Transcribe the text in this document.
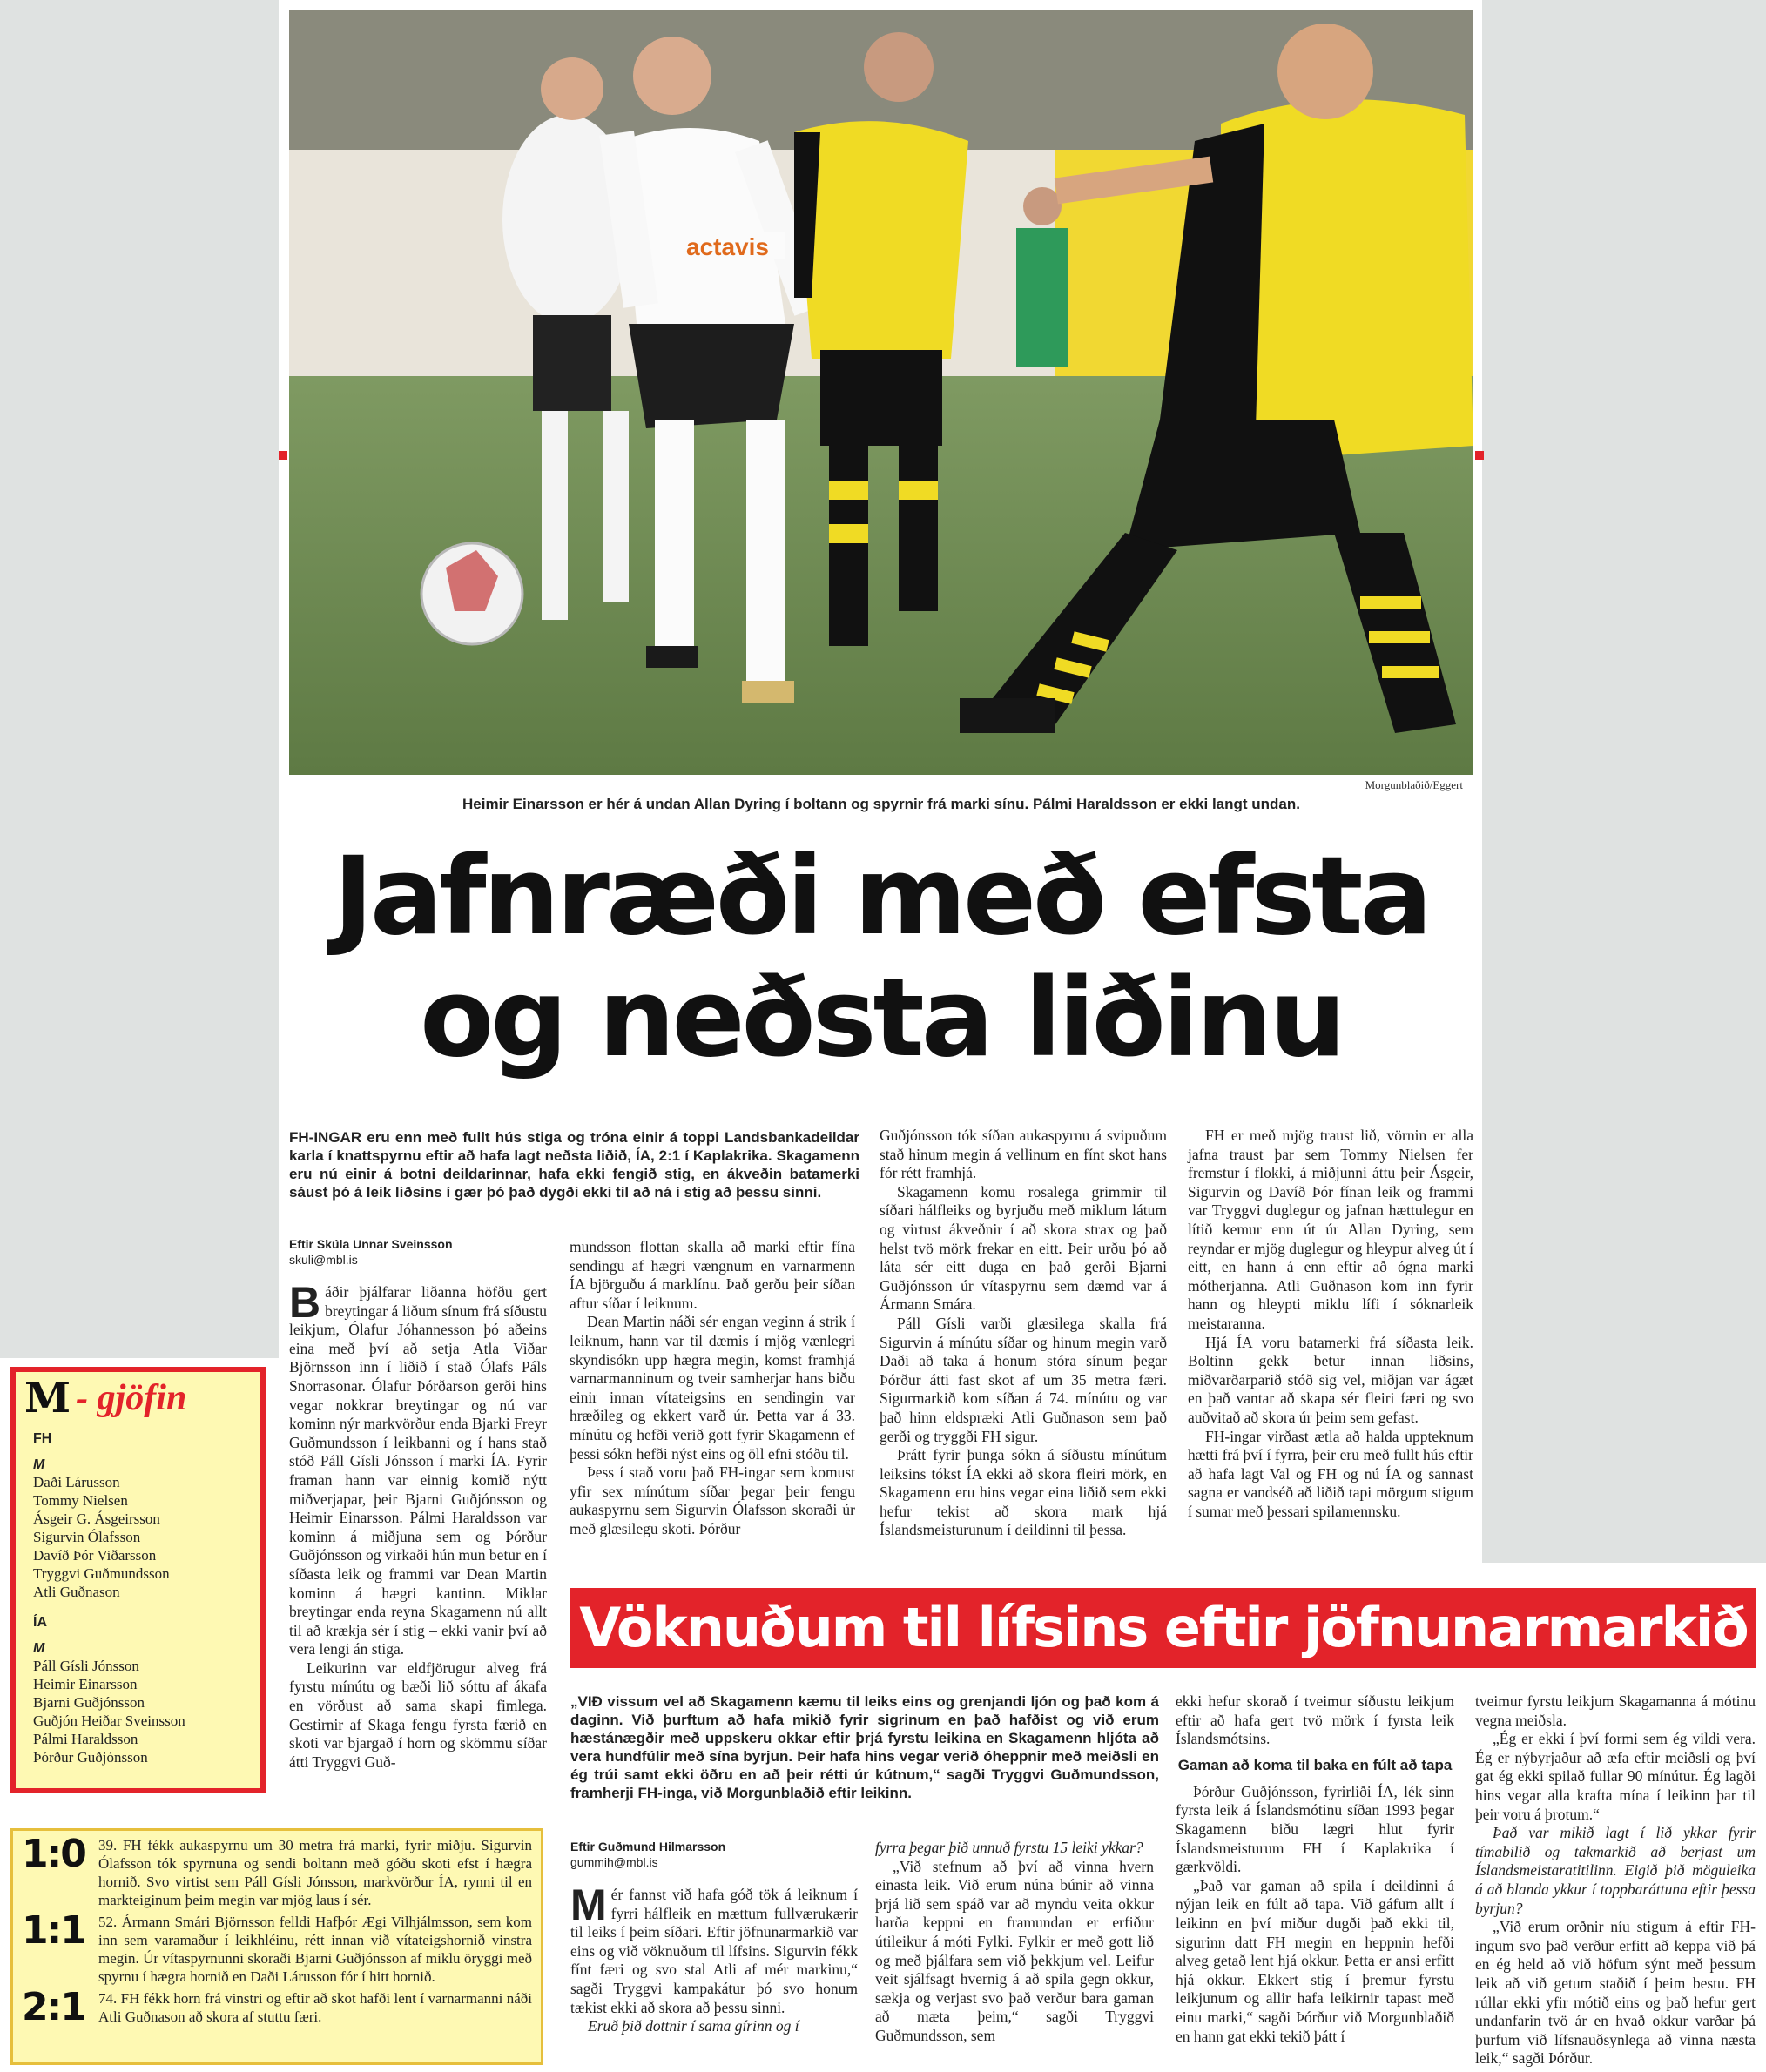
actavis
Morgunblaðið/Eggert
Heimir Einarsson er hér á undan Allan Dyring í boltann og spyrnir frá marki sínu. Pálmi Haraldsson er ekki langt undan.
Jafnræði með efsta
og neðsta liðinu
FH-INGAR eru enn með fullt hús stiga og tróna einir á toppi Landsbankadeildar karla í knattspyrnu eftir að hafa lagt neðsta liðið, ÍA, 2:1 í Kaplakrika. Skagamenn eru nú einir á botni deildarinnar, hafa ekki fengið stig, en ákveðin batamerki sáust þó á leik liðsins í gær þó það dygði ekki til að ná í stig að þessu sinni.
Eftir Skúla Unnar Sveinsson
skuli@mbl.is

Báðir þjálfarar liðanna höfðu gert breytingar á liðum sínum frá síðustu leikjum, Ólafur Jóhannesson þó aðeins eina með því að setja Atla Viðar Björnsson inn í liðið í stað Ólafs Páls Snorrasonar. Ólafur Þórðarson gerði hins vegar nokkrar breytingar og nú var kominn nýr markvörður enda Bjarki Freyr Guðmundsson í leikbanni og í hans stað stóð Páll Gísli Jónsson í marki ÍA. Fyrir framan hann var einnig komið nýtt miðverjapar, þeir Bjarni Guðjónsson og Heimir Einarsson. Pálmi Haraldsson var kominn á miðjuna sem og Þórður Guðjónsson og virkaði hún mun betur en í síðasta leik og frammi var Dean Martin kominn á hægri kantinn. Miklar breytingar enda reyna Skagamenn nú allt til að krækja sér í stig – ekki vanir því að vera lengi án stiga.

Leikurinn var eldfjörugur alveg frá fyrstu mínútu og bæði lið sóttu af ákafa en vörðust að sama skapi fimlega. Gestirnir af Skaga fengu fyrsta færið en skoti var bjargað í horn og skömmu síðar átti Tryggvi Guð-

mundsson flottan skalla að marki eftir fína sendingu af hægri vængnum en varnarmenn ÍA björguðu á marklínu. Það gerðu þeir síðan aftur síðar í leiknum.

Dean Martin náði sér engan veginn á strik í leiknum, hann var til dæmis í mjög vænlegri skyndisókn upp hægra megin, komst framhjá varnarmanninum og tveir samherjar hans biðu einir innan vítateigsins en sendingin var hræðileg og ekkert varð úr. Þetta var á 33. mínútu og hefði verið gott fyrir Skagamenn ef þessi sókn hefði nýst eins og öll efni stóðu til.

Þess í stað voru það FH-ingar sem komust yfir sex mínútum síðar þegar þeir fengu aukaspyrnu sem Sigurvin Ólafsson skoraði úr með glæsilegu skoti. Þórður

Guðjónsson tók síðan aukaspyrnu á svipuðum stað hinum megin á vellinum en fínt skot hans fór rétt framhjá.

Skagamenn komu rosalega grimmir til síðari hálfleiks og byrjuðu með miklum látum og virtust ákveðnir í að skora strax og það helst tvö mörk frekar en eitt. Þeir urðu þó að láta sér eitt duga en það gerði Bjarni Guðjónsson úr vítaspyrnu sem dæmd var á Ármann Smára.

Páll Gísli varði glæsilega skalla frá Sigurvin á mínútu síðar og hinum megin varð Daði að taka á honum stóra sínum þegar Þórður átti fast skot af um 35 metra færi. Sigurmarkið kom síðan á 74. mínútu og var það hinn eldspræki Atli Guðnason sem það gerði og tryggði FH sigur.

Þrátt fyrir þunga sókn á síðustu mínútum leiksins tókst ÍA ekki að skora fleiri mörk, en Skagamenn eru hins vegar eina liðið sem ekki hefur tekist að skora mark hjá Íslandsmeisturunum í deildinni til þessa.

FH er með mjög traust lið, vörnin er alla jafna traust þar sem Tommy Nielsen fer fremstur í flokki, á miðjunni áttu þeir Ásgeir, Sigurvin og Davíð Þór fínan leik og frammi var Tryggvi duglegur og jafnan hættulegur en lítið kemur enn út úr Allan Dyring, sem reyndar er mjög duglegur og hleypur alveg út í eitt, en hann á enn eftir að ógna marki mótherjanna. Atli Guðnason kom inn fyrir hann og hleypti miklu lífi í sóknarleik meistaranna.

Hjá ÍA voru batamerki frá síðasta leik. Boltinn gekk betur innan liðsins, miðvarðarparið stóð sig vel, miðjan var ágæt en það vantar að skapa sér fleiri færi og svo auðvitað að skora úr þeim sem gefast.

FH-ingar virðast ætla að halda uppteknum hætti frá því í fyrra, þeir eru með fullt hús eftir að hafa lagt Val og FH og nú ÍA og sannast sagna er vandséð að liðið tapi mörgum stigum í sumar með þessari spilamennsku.

M - gjöfin
FH
M
Daði Lárusson
Tommy Nielsen
Ásgeir G. Ásgeirsson
Sigurvin Ólafsson
Davíð Þór Viðarsson
Tryggvi Guðmundsson
Atli Guðnason
ÍA
M
Páll Gísli Jónsson
Heimir Einarsson
Bjarni Guðjónsson
Guðjón Heiðar Sveinsson
Pálmi Haraldsson
Þórður Guðjónsson
1:0 39. FH fékk aukaspyrnu um 30 metra frá marki, fyrir miðju. Sigurvin Ólafsson tók spyrnuna og sendi boltann með góðu skoti efst í hægra hornið. Svo virtist sem Páll Gísli Jónsson, markvörður ÍA, rynni til en markteiginum þeim megin var mjög laus í sér.
1:1 52. Ármann Smári Björnsson felldi Hafþór Ægi Vilhjálmsson, sem kom inn sem varamaður í leikhléinu, rétt innan við vítateigshornið vinstra megin. Úr vítaspyrnunni skoraði Bjarni Guðjónsson af miklu öryggi með spyrnu í hægra hornið en Daði Lárusson fór í hitt hornið.
2:1 74. FH fékk horn frá vinstri og eftir að skot hafði lent í varnarmanni náði Atli Guðnason að skora af stuttu færi.
Vöknuðum til lífsins eftir jöfnunarmarkið
„VIÐ vissum vel að Skagamenn kæmu til leiks eins og grenjandi ljón og það kom á daginn. Við þurftum að hafa mikið fyrir sigrinum en það hafðist og við erum hæstánægðir með uppskeru okkar eftir þrjá fyrstu leikina en Skagamenn hljóta að vera hundfúlir með sína byrjun. Þeir hafa hins vegar verið óheppnir með meiðsli en ég trúi samt ekki öðru en að þeir rétti úr kútnum,“ sagði Tryggvi Guðmundsson, framherji FH-inga, við Morgunblaðið eftir leikinn.
Eftir Guðmund Hilmarsson
gummih@mbl.is

Mér fannst við hafa góð tök á leiknum í fyrri hálfleik en mættum fullværukærir til leiks í þeim síðari. Eftir jöfnunarmarkið var eins og við vöknuðum til lífsins. Sigurvin fékk fínt færi og svo stal Atli af mér markinu,“ sagði Tryggvi kampakátur þó svo honum tækist ekki að skora að þessu sinni.

Eruð þið dottnir í sama gírinn og í

fyrra þegar þið unnuð fyrstu 15 leiki ykkar?

„Við stefnum að því að vinna hvern einasta leik. Við erum núna búnir að vinna þrjá lið sem spáð var að myndu veita okkur harða keppni en framundan er erfiður útileikur á móti Fylki. Fylkir er með gott lið og með þjálfara sem við þekkjum vel. Leifur veit sjálfsagt hvernig á að spila gegn okkur, sækja og verjast svo það verður bara gaman að mæta þeim,“ sagði Tryggvi Guðmundsson, sem

ekki hefur skorað í tveimur síðustu leikjum eftir að hafa gert tvö mörk í fyrsta leik Íslandsmótsins.

Gaman að koma til baka en fúlt að tapa

Þórður Guðjónsson, fyrirliði ÍA, lék sinn fyrsta leik á Íslandsmótinu síðan 1993 þegar Skagamenn biðu lægri hlut fyrir Íslandsmeisturum FH í Kaplakrika í gærkvöldi.

„Það var gaman að spila í deildinni á nýjan leik en fúlt að tapa. Við gáfum allt í leikinn en því miður dugði það ekki til, sigurinn datt FH megin en heppnin hefði alveg getað lent hjá okkur. Þetta er ansi erfitt hjá okkur. Ekkert stig í þremur fyrstu leikjunum og allir hafa leikirnir tapast með einu marki,“ sagði Þórður við Morgunblaðið en hann gat ekki tekið þátt í

tveimur fyrstu leikjum Skagamanna á mótinu vegna meiðsla.

„Ég er ekki í því formi sem ég vildi vera. Ég er nýbyrjaður að æfa eftir meiðsli og því gat ég ekki spilað fullar 90 mínútur. Ég lagði hins vegar alla krafta mína í leikinn þar til þeir voru á þrotum.“

Það var mikið lagt í lið ykkar fyrir tímabilið og takmarkið að berjast um Íslandsmeistaratitilinn. Eigið þið möguleika á að blanda ykkur í toppbaráttuna eftir þessa byrjun?

„Við erum orðnir níu stigum á eftir FH-ingum svo það verður erfitt að keppa við þá en ég held að við höfum sýnt með þessum leik að við getum staðið í þeim bestu. FH rúllar ekki yfir mótið eins og það hefur gert undanfarin tvö ár en hvað okkur varðar þá þurfum við lífsnauðsynlega að vinna næsta leik,“ sagði Þórður.
